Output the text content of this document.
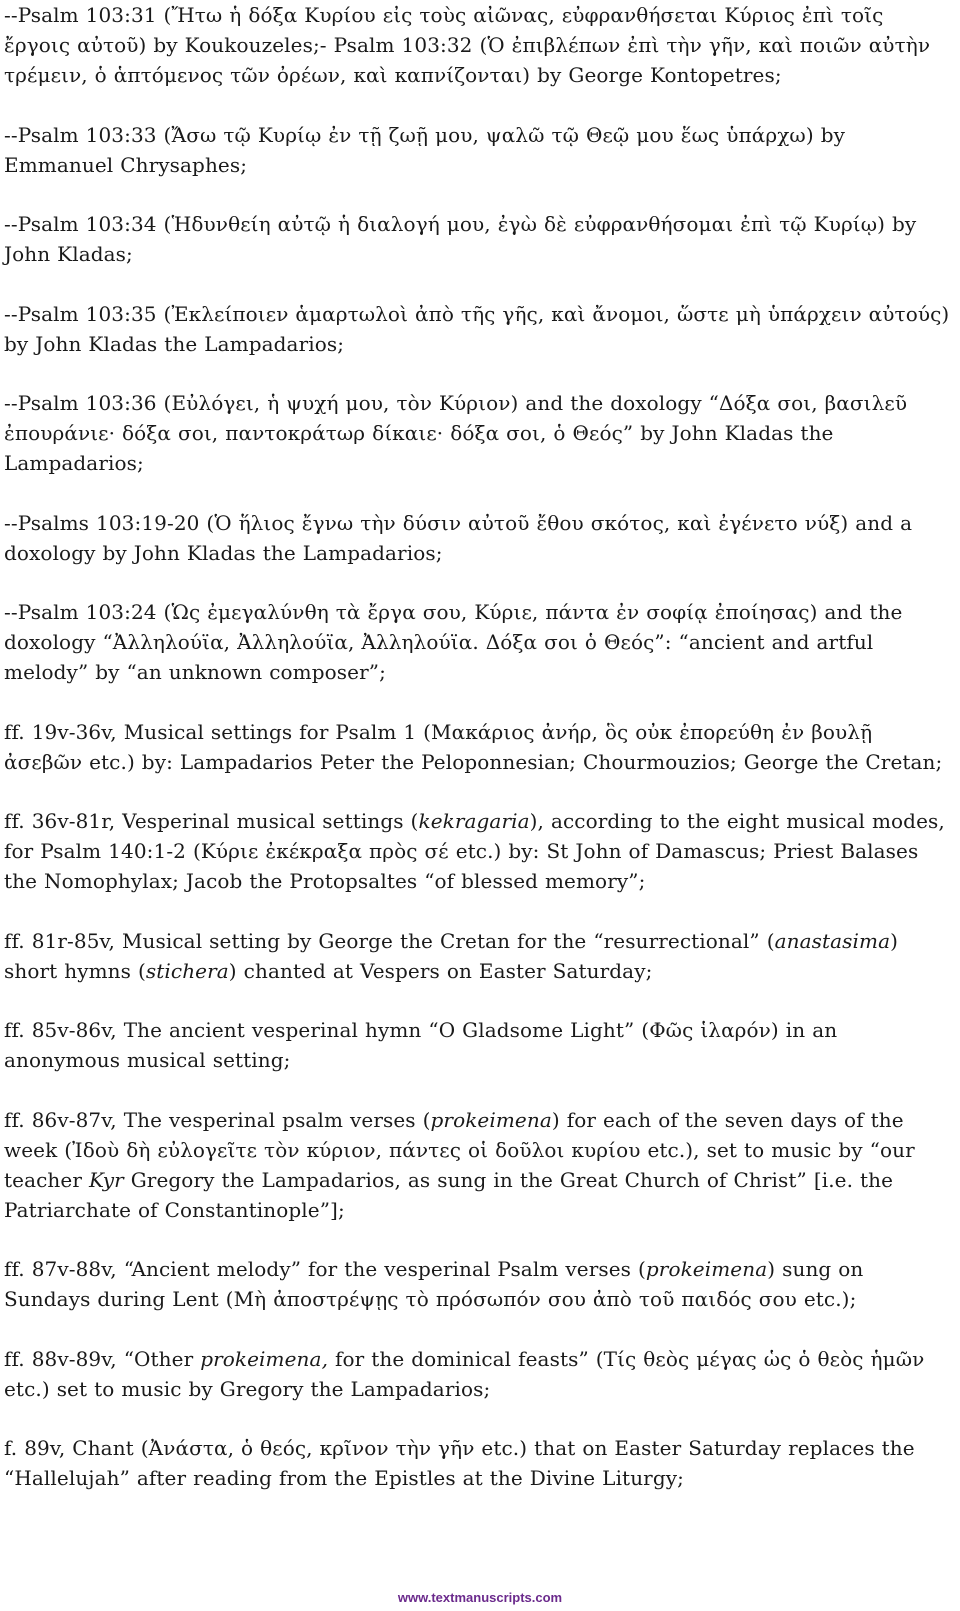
--Psalm 103:31 (Ἤτω ἡ δόξα Κυρίου εἰς τοὺς αἰῶνας, εὐφρανθήσεται Κύριος ἐπὶ τοῖς ἔργοις αὐτοῦ) by Koukouzeles;- Psalm 103:32 (Ὁ ἐπιβλέπων ἐπὶ τὴν γῆν, καὶ ποιῶν αὐτὴν τρέμειν, ὁ ἁπτόμενος τῶν ὀρέων, καὶ καπνίζονται) by George Kontopetres;

--Psalm 103:33 (Ἄσω τῷ Κυρίῳ ἐν τῇ ζωῇ μου, ψαλῶ τῷ Θεῷ μου ἕως ὑπάρχω) by Emmanuel Chrysaphes;

--Psalm 103:34 (Ἡδυνθείη αὐτῷ ἡ διαλογή μου, ἐγὼ δὲ εὐφρανθήσομαι ἐπὶ τῷ Κυρίῳ) by John Kladas;

--Psalm 103:35 (Ἐκλείποιεν ἁμαρτωλοὶ ἀπὸ τῆς γῆς, καὶ ἄνομοι, ὥστε μὴ ὑπάρχειν αὐτούς) by John Kladas the Lampadarios;

--Psalm 103:36 (Εὐλόγει, ἡ ψυχή μου, τὸν Κύριον) and the doxology “Δόξα σοι, βασιλεῦ ἐπουράνιε· δόξα σοι, παντοκράτωρ δίκαιε· δόξα σοι, ὁ Θεός” by John Kladas the Lampadarios;

--Psalms 103:19-20 (Ὁ ἥλιος ἔγνω τὴν δύσιν αὐτοῦ ἔθου σκότος, καὶ ἐγένετο νύξ) and a doxology by John Kladas the Lampadarios;

--Psalm 103:24 (Ὡς ἐμεγαλύνθη τὰ ἔργα σου, Κύριε, πάντα ἐν σοφίᾳ ἐποίησας) and the doxology “Ἀλληλούϊα, Ἀλληλούϊα, Ἀλληλούϊα. Δόξα σοι ὁ Θεός”: “ancient and artful melody” by “an unknown composer”;

ff. 19v-36v, Musical settings for Psalm 1 (Μακάριος ἀνήρ, ὃς οὐκ ἐπορεύθη ἐν βουλῇ ἀσεβῶν etc.) by: Lampadarios Peter the Peloponnesian; Chourmouzios; George the Cretan;

ff. 36v-81r, Vesperinal musical settings (kekragaria), according to the eight musical modes, for Psalm 140:1-2 (Κύριε ἐκέκραξα πρὸς σέ etc.) by: St John of Damascus; Priest Balases the Nomophylax; Jacob the Protopsaltes “of blessed memory”;

ff. 81r-85v, Musical setting by George the Cretan for the “resurrectional” (anastasima) short hymns (stichera) chanted at Vespers on Easter Saturday;

ff. 85v-86v, The ancient vesperinal hymn “O Gladsome Light” (Φῶς ἱλαρόν) in an anonymous musical setting;

ff. 86v-87v, The vesperinal psalm verses (prokeimena) for each of the seven days of the week (Ἰδοὺ δὴ εὐλογεῖτε τὸν κύριον, πάντες οἱ δοῦλοι κυρίου etc.), set to music by “our teacher Kyr Gregory the Lampadarios, as sung in the Great Church of Christ” [i.e. the Patriarchate of Constantinople”];

ff. 87v-88v, “Ancient melody” for the vesperinal Psalm verses (prokeimena) sung on Sundays during Lent (Μὴ ἀποστρέψῃς τὸ πρόσωπόν σου ἀπὸ τοῦ παιδός σου etc.);

ff. 88v-89v, “Other prokeimena, for the dominical feasts” (Τίς θεὸς μέγας ὡς ὁ θεὸς ἡμῶν etc.) set to music by Gregory the Lampadarios;

f. 89v, Chant (Ἀνάστα, ὁ θεός, κρῖνον τὴν γῆν etc.) that on Easter Saturday replaces the “Hallelujah” after reading from the Epistles at the Divine Liturgy;

www.textmanuscripts.com
